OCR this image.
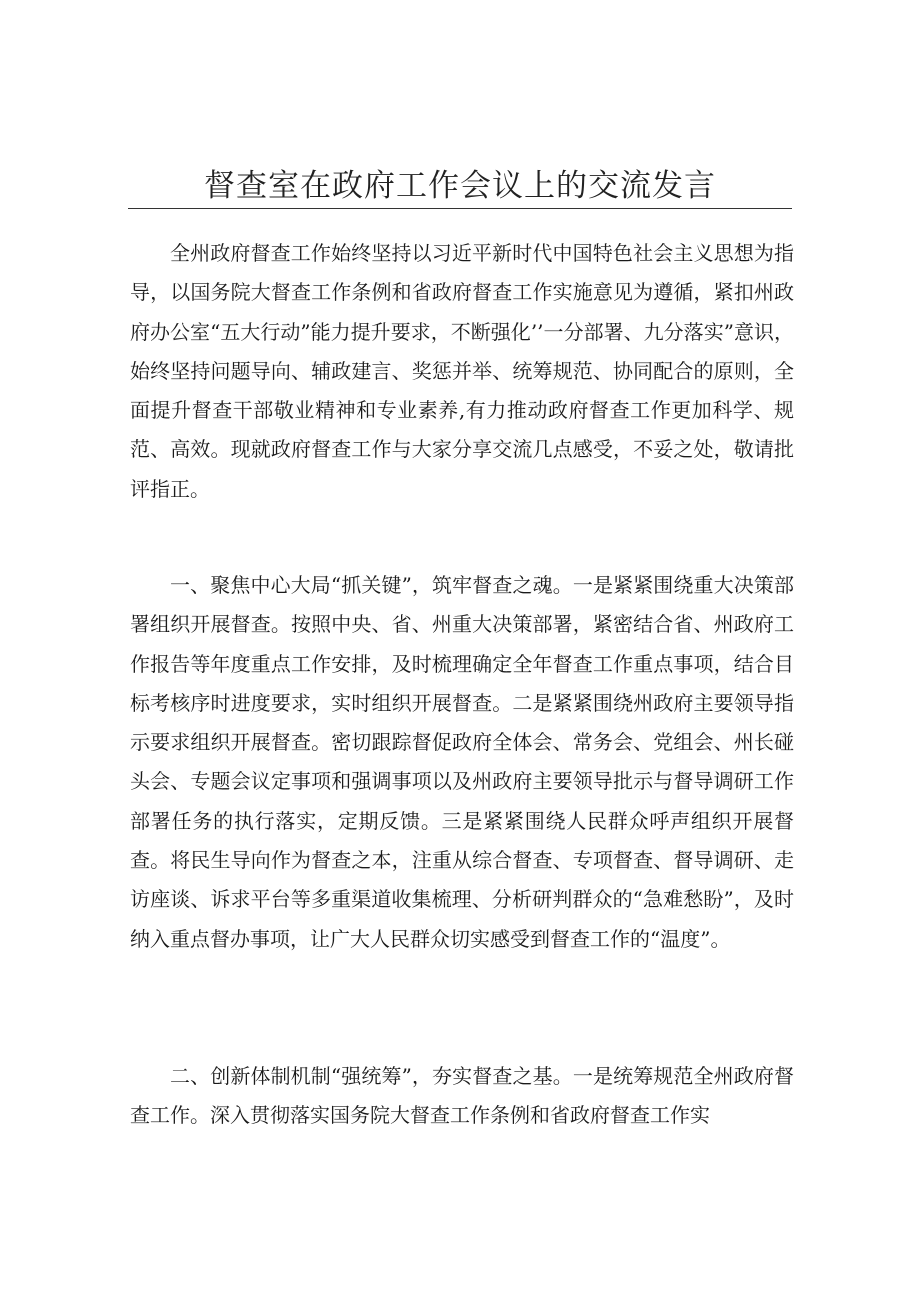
督查室在政府工作会议上的交流发言

全州政府督查工作始终坚持以习近平新时代中国特色社会主义思想为指导，以国务院大督查工作条例和省政府督查工作实施意见为遵循，紧扣州政府办公室“五大行动”能力提升要求，不断强化’’一分部署、九分落实”意识，始终坚持问题导向、辅政建言、奖惩并举、统筹规范、协同配合的原则，全面提升督查干部敬业精神和专业素养,有力推动政府督查工作更加科学、规范、高效。现就政府督查工作与大家分享交流几点感受，不妥之处，敬请批评指正。

一、聚焦中心大局“抓关键”，筑牢督查之魂。一是紧紧围绕重大决策部署组织开展督查。按照中央、省、州重大决策部署，紧密结合省、州政府工作报告等年度重点工作安排，及时梳理确定全年督查工作重点事项，结合目标考核序时进度要求，实时组织开展督查。二是紧紧围绕州政府主要领导指示要求组织开展督查。密切跟踪督促政府全体会、常务会、党组会、州长碰头会、专题会议定事项和强调事项以及州政府主要领导批示与督导调研工作部署任务的执行落实，定期反馈。三是紧紧围绕人民群众呼声组织开展督查。将民生导向作为督查之本，注重从综合督查、专项督查、督导调研、走访座谈、诉求平台等多重渠道收集梳理、分析研判群众的“急难愁盼”，及时纳入重点督办事项，让广大人民群众切实感受到督查工作的“温度”。

二、创新体制机制“强统筹”，夯实督查之基。一是统筹规范全州政府督查工作。深入贯彻落实国务院大督查工作条例和省政府督查工作实
